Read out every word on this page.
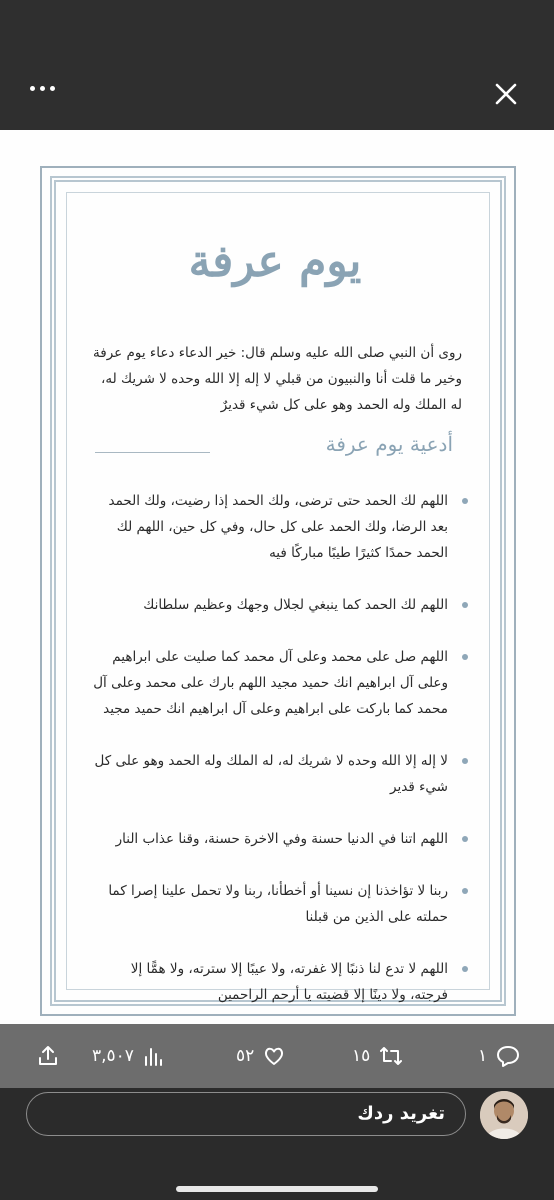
يوم عرفة
روى أن النبي صلى الله عليه وسلم قال: خير الدعاء دعاء يوم عرفة وخير ما قلت أنا والنبيون من قبلي لا إله إلا الله وحده لا شريك له، له الملك وله الحمد وهو على كل شيء قديرٌ
أدعية يوم عرفة
اللهم لك الحمد حتى ترضى، ولك الحمد إذا رضيت، ولك الحمد بعد الرضا، ولك الحمد على كل حال، وفي كل حين، اللهم لك الحمد حمدًا كثيرًا طيبًا مباركًا فيه
اللهم لك الحمد كما ينبغي لجلال وجهك وعظيم سلطانك
اللهم صل على محمد وعلى آل محمد كما صليت على ابراهيم وعلى آل ابراهيم انك حميد مجيد اللهم بارك على محمد وعلى آل محمد كما باركت على ابراهيم وعلى آل ابراهيم انك حميد مجيد
لا إله إلا الله وحده لا شريك له، له الملك وله الحمد وهو على كل شيء قدير
اللهم اتنا في الدنيا حسنة وفي الاخرة حسنة، وقنا عذاب النار
ربنا لا تؤاخذنا إن نسينا أو أخطأنا، ربنا ولا تحمل علينا إصرا كما حملته على الذين من قبلنا
اللهم لا تدع لنا ذنبًا إلا غفرته، ولا عيبًا إلا سترته، ولا همًّا إلا فرجته، ولا دينًا إلا قضيته يا أرحم الراحمين
٣,٥٠٧	٥٢	١٥	١
تغريد ردك
